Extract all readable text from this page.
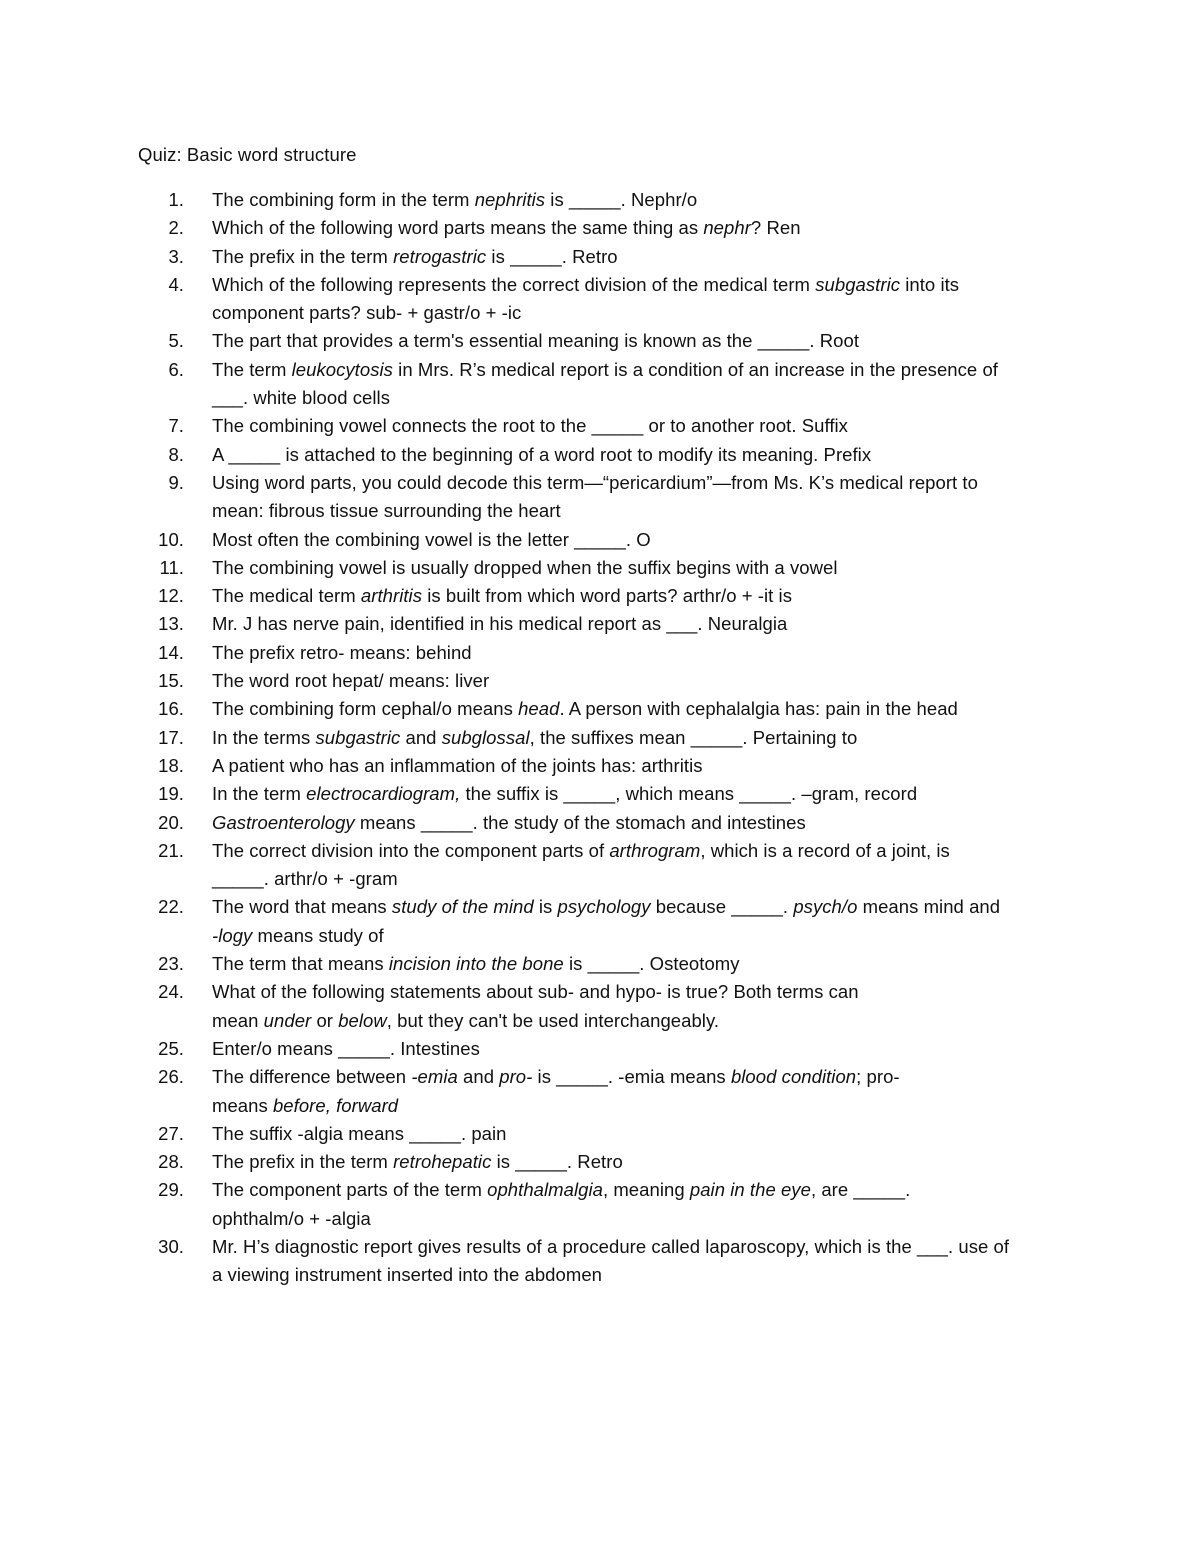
Quiz: Basic word structure
1. The combining form in the term nephritis is _____. Nephr/o
2. Which of the following word parts means the same thing as nephr? Ren
3. The prefix in the term retrogastric is _____. Retro
4. Which of the following represents the correct division of the medical term subgastric into its
component parts? sub- + gastr/o + -ic
5. The part that provides a term's essential meaning is known as the _____. Root
6. The term leukocytosis in Mrs. R’s medical report is a condition of an increase in the presence of
___. white blood cells
7. The combining vowel connects the root to the _____ or to another root. Suffix
8. A _____ is attached to the beginning of a word root to modify its meaning. Prefix
9. Using word parts, you could decode this term—“pericardium”—from Ms. K’s medical report to
mean: fibrous tissue surrounding the heart
10. Most often the combining vowel is the letter _____. O
11. The combining vowel is usually dropped when the suffix begins with a vowel
12. The medical term arthritis is built from which word parts? arthr/o + -it is
13. Mr. J has nerve pain, identified in his medical report as ___. Neuralgia
14. The prefix retro- means: behind
15. The word root hepat/ means: liver
16. The combining form cephal/o means head. A person with cephalalgia has: pain in the head
17. In the terms subgastric and subglossal, the suffixes mean _____. Pertaining to
18. A patient who has an inflammation of the joints has: arthritis
19. In the term electrocardiogram, the suffix is _____, which means _____. –gram, record
20. Gastroenterology means _____. the study of the stomach and intestines
21. The correct division into the component parts of arthrogram, which is a record of a joint, is
_____. arthr/o + -gram
22. The word that means study of the mind is psychology because _____. psych/o means mind and
-logy means study of
23. The term that means incision into the bone is _____. Osteotomy
24. What of the following statements about sub- and hypo- is true? Both terms can
mean under or below, but they can't be used interchangeably.
25. Enter/o means _____. Intestines
26. The difference between -emia and pro- is _____. -emia means blood condition; pro-
means before, forward
27. The suffix -algia means _____. pain
28. The prefix in the term retrohepatic is _____. Retro
29. The component parts of the term ophthalmalgia, meaning pain in the eye, are _____.
ophthalm/o + -algia
30. Mr. H’s diagnostic report gives results of a procedure called laparoscopy, which is the ___. use of
a viewing instrument inserted into the abdomen
